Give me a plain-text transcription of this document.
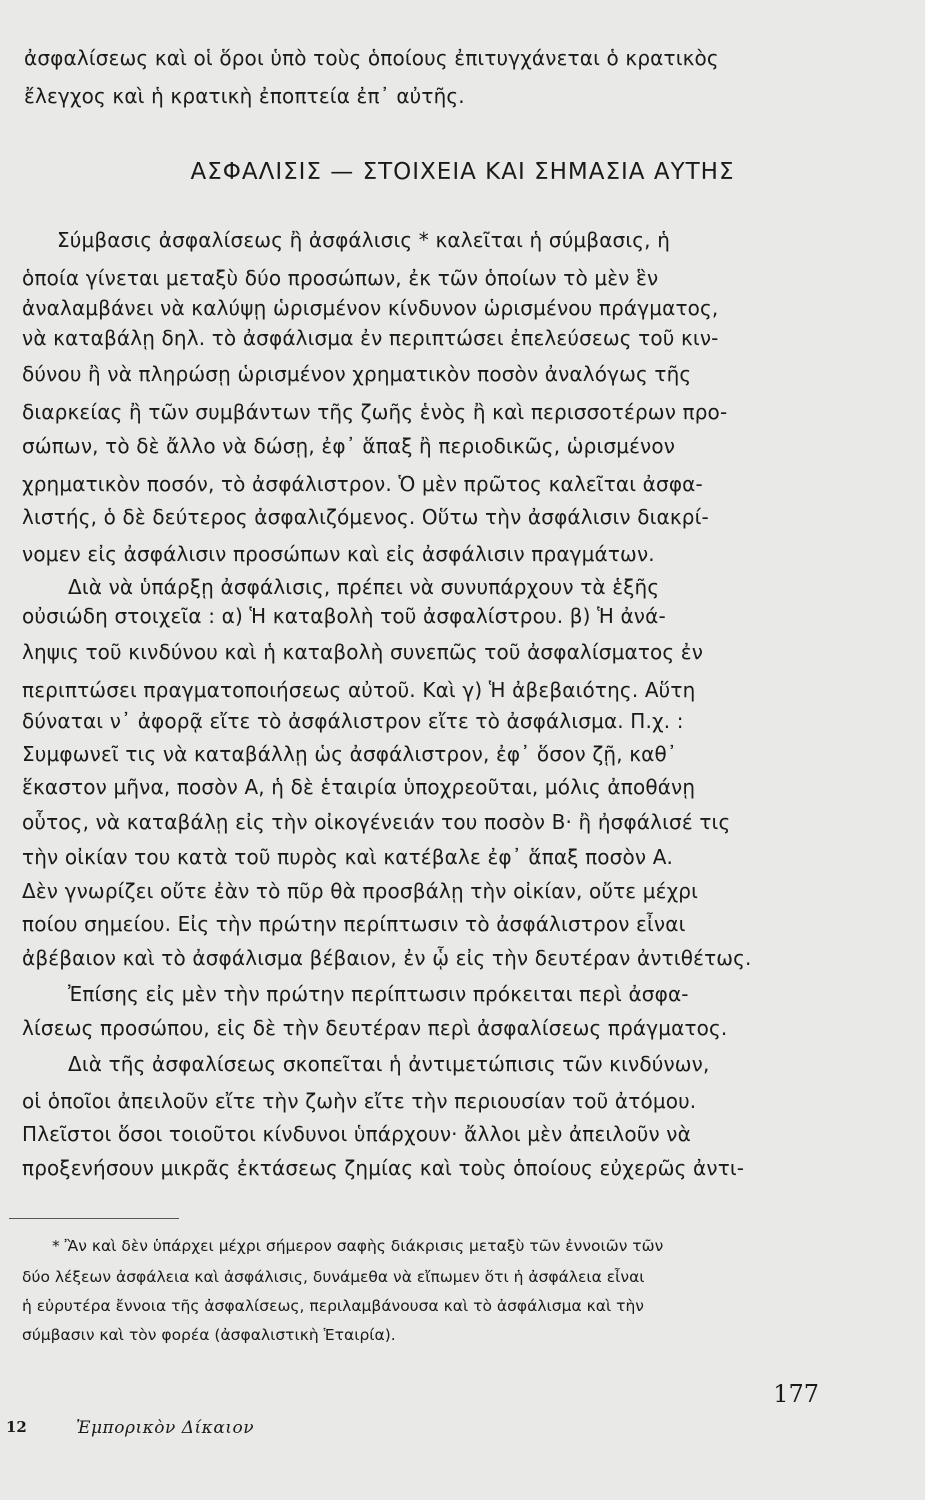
ἀσφαλίσεως καὶ οἱ ὅροι ὑπὸ τοὺς ὁποίους ἐπιτυγχάνεται ὁ κρατικὸς
ἔλεγχος καὶ ἡ κρατικὴ ἐποπτεία ἐπ᾿ αὐτῆς.
ΑΣΦΑΛΙΣΙΣ — ΣΤΟΙΧΕΙΑ ΚΑΙ ΣΗΜΑΣΙΑ ΑΥΤΗΣ
Σύμβασις ἀσφαλίσεως ἢ ἀσφάλισις * καλεῖται ἡ σύμβασις, ἡ
ὁποία γίνεται μεταξὺ δύο προσώπων, ἐκ τῶν ὁποίων τὸ μὲν ἓν
ἀναλαμβάνει νὰ καλύψῃ ὡρισμένον κίνδυνον ὡρισμένου πράγματος,
νὰ καταβάλῃ δηλ. τὸ ἀσφάλισμα ἐν περιπτώσει ἐπελεύσεως τοῦ κιν-
δύνου ἢ νὰ πληρώσῃ ὡρισμένον χρηματικὸν ποσὸν ἀναλόγως τῆς
διαρκείας ἢ τῶν συμβάντων τῆς ζωῆς ἑνὸς ἢ καὶ περισσοτέρων προ-
σώπων, τὸ δὲ ἄλλο νὰ δώσῃ, ἐφ᾿ ἅπαξ ἢ περιοδικῶς, ὡρισμένον
χρηματικὸν ποσόν, τὸ ἀσφάλιστρον. Ὁ μὲν πρῶτος καλεῖται ἀσφα-
λιστής, ὁ δὲ δεύτερος ἀσφαλιζόμενος. Οὕτω τὴν ἀσφάλισιν διακρί-
νομεν εἰς ἀσφάλισιν προσώπων καὶ εἰς ἀσφάλισιν πραγμάτων.
Διὰ νὰ ὑπάρξῃ ἀσφάλισις, πρέπει νὰ συνυπάρχουν τὰ ἑξῆς
οὐσιώδη στοιχεῖα : α) Ἡ καταβολὴ τοῦ ἀσφαλίστρου. β) Ἡ ἀνά-
ληψις τοῦ κινδύνου καὶ ἡ καταβολὴ συνεπῶς τοῦ ἀσφαλίσματος ἐν
περιπτώσει πραγματοποιήσεως αὐτοῦ. Καὶ γ) Ἡ ἀβεβαιότης. Αὕτη
δύναται ν᾿ ἀφορᾷ εἴτε τὸ ἀσφάλιστρον εἴτε τὸ ἀσφάλισμα. Π.χ. :
Συμφωνεῖ τις νὰ καταβάλλῃ ὡς ἀσφάλιστρον, ἐφ᾿ ὅσον ζῇ, καθ᾿
ἕκαστον μῆνα, ποσὸν Α, ἡ δὲ ἑταιρία ὑποχρεοῦται, μόλις ἀποθάνῃ
οὗτος, νὰ καταβάλῃ εἰς τὴν οἰκογένειάν του ποσὸν Β· ἢ ἠσφάλισέ τις
τὴν οἰκίαν του κατὰ τοῦ πυρὸς καὶ κατέβαλε ἐφ᾿ ἅπαξ ποσὸν Α.
Δὲν γνωρίζει οὔτε ἐὰν τὸ πῦρ θὰ προσβάλῃ τὴν οἰκίαν, οὔτε μέχρι
ποίου σημείου. Εἰς τὴν πρώτην περίπτωσιν τὸ ἀσφάλιστρον εἶναι
ἀβέβαιον καὶ τὸ ἀσφάλισμα βέβαιον, ἐν ᾧ εἰς τὴν δευτέραν ἀντιθέτως.
Ἐπίσης εἰς μὲν τὴν πρώτην περίπτωσιν πρόκειται περὶ ἀσφα-
λίσεως προσώπου, εἰς δὲ τὴν δευτέραν περὶ ἀσφαλίσεως πράγματος.
Διὰ τῆς ἀσφαλίσεως σκοπεῖται ἡ ἀντιμετώπισις τῶν κινδύνων,
οἱ ὁποῖοι ἀπειλοῦν εἴτε τὴν ζωὴν εἴτε τὴν περιουσίαν τοῦ ἀτόμου.
Πλεῖστοι ὅσοι τοιοῦτοι κίνδυνοι ὑπάρχουν· ἄλλοι μὲν ἀπειλοῦν νὰ
προξενήσουν μικρᾶς ἐκτάσεως ζημίας καὶ τοὺς ὁποίους εὐχερῶς ἀντι-
* Ἂν καὶ δὲν ὑπάρχει μέχρι σήμερον σαφὴς διάκρισις μεταξὺ τῶν ἐννοιῶν τῶν
δύο λέξεων ἀσφάλεια καὶ ἀσφάλισις, δυνάμεθα νὰ εἴπωμεν ὅτι ἡ ἀσφάλεια εἶναι
ἡ εὐρυτέρα ἔννοια τῆς ἀσφαλίσεως, περιλαμβάνουσα καὶ τὸ ἀσφάλισμα καὶ τὴν
σύμβασιν καὶ τὸν φορέα (ἀσφαλιστικὴ Ἑταιρία).
177
12	Ἐμπορικὸν Δίκαιον
